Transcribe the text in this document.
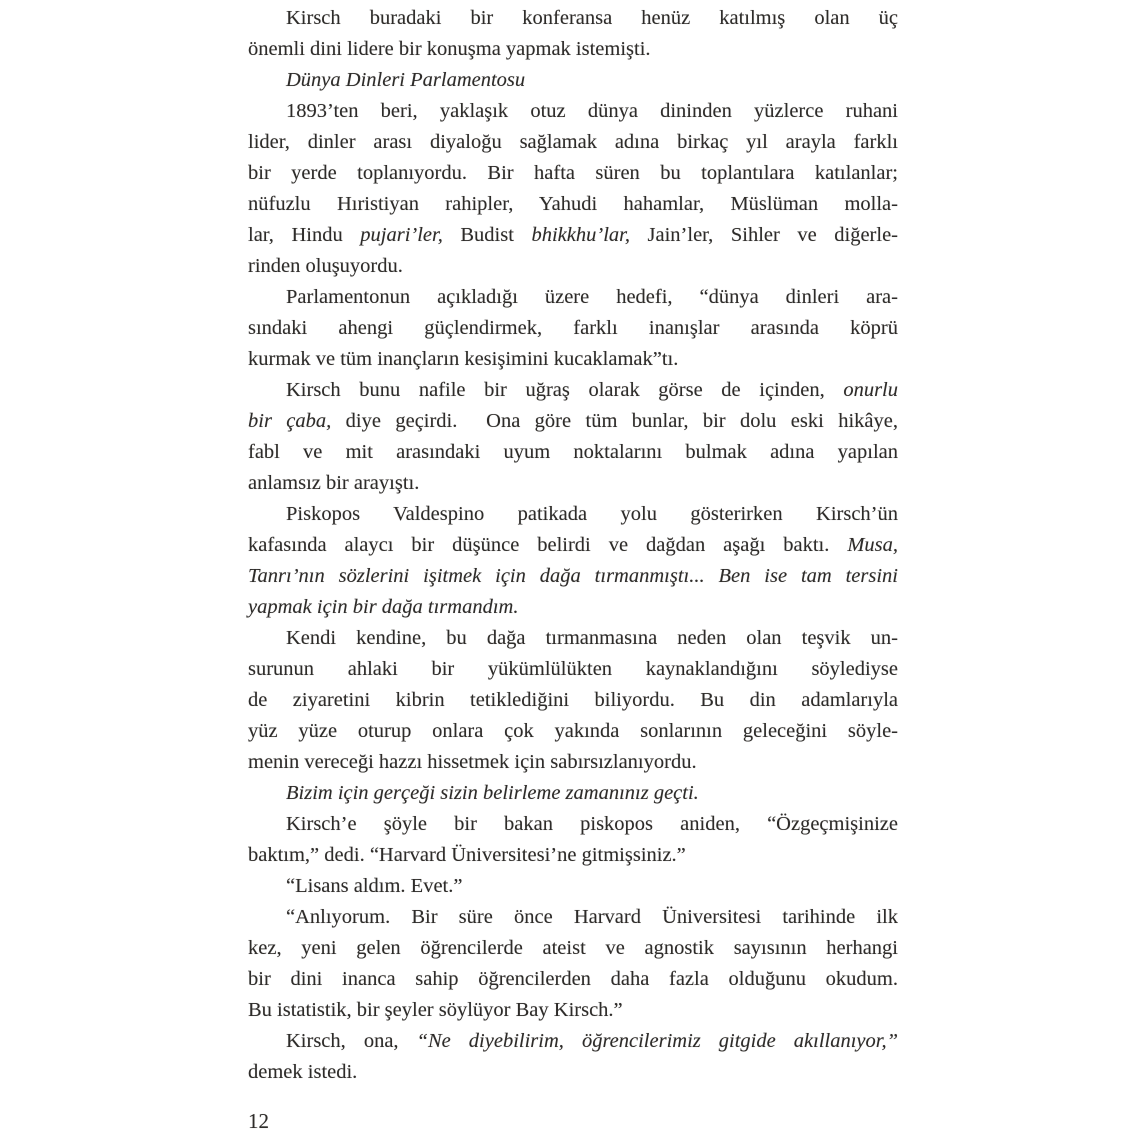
Kirsch buradaki bir konferansa henüz katılmış olan üç
önemli dini lidere bir konuşma yapmak istemişti.
Dünya Dinleri Parlamentosu
1893’ten beri, yaklaşık otuz dünya dininden yüzlerce ruhani
lider, dinler arası diyaloğu sağlamak adına birkaç yıl arayla farklı
bir yerde toplanıyordu. Bir hafta süren bu toplantılara katılanlar;
nüfuzlu Hıristiyan rahipler, Yahudi hahamlar, Müslüman molla-
lar, Hindu pujari’ler, Budist bhikkhu’lar, Jain’ler, Sihler ve diğerle-
rinden oluşuyordu.
Parlamentonun açıkladığı üzere hedefi, “dünya dinleri ara-
sındaki ahengi güçlendirmek, farklı inanışlar arasında köprü
kurmak ve tüm inançların kesişimini kucaklamak”tı.
Kirsch bunu nafile bir uğraş olarak görse de içinden, onurlu
bir çaba, diye geçirdi.  Ona göre tüm bunlar, bir dolu eski hikâye,
fabl ve mit arasındaki uyum noktalarını bulmak adına yapılan
anlamsız bir arayıştı.
Piskopos Valdespino patikada yolu gösterirken Kirsch’ün
kafasında alaycı bir düşünce belirdi ve dağdan aşağı baktı. Musa,
Tanrı’nın sözlerini işitmek için dağa tırmanmıştı... Ben ise tam tersini
yapmak için bir dağa tırmandım.
Kendi kendine, bu dağa tırmanmasına neden olan teşvik un-
surunun ahlaki bir yükümlülükten kaynaklandığını söylediyse
de ziyaretini kibrin tetiklediğini biliyordu. Bu din adamlarıyla
yüz yüze oturup onlara çok yakında sonlarının geleceğini söyle-
menin vereceği hazzı hissetmek için sabırsızlanıyordu.
Bizim için gerçeği sizin belirleme zamanınız geçti.
Kirsch’e şöyle bir bakan piskopos aniden, “Özgeçmişinize
baktım,” dedi. “Harvard Üniversitesi’ne gitmişsiniz.”
“Lisans aldım. Evet.”
“Anlıyorum. Bir süre önce Harvard Üniversitesi tarihinde ilk
kez, yeni gelen öğrencilerde ateist ve agnostik sayısının herhangi
bir dini inanca sahip öğrencilerden daha fazla olduğunu okudum.
Bu istatistik, bir şeyler söylüyor Bay Kirsch.”
Kirsch, ona, “Ne diyebilirim, öğrencilerimiz gitgide akıllanıyor,”
demek istedi.
12
